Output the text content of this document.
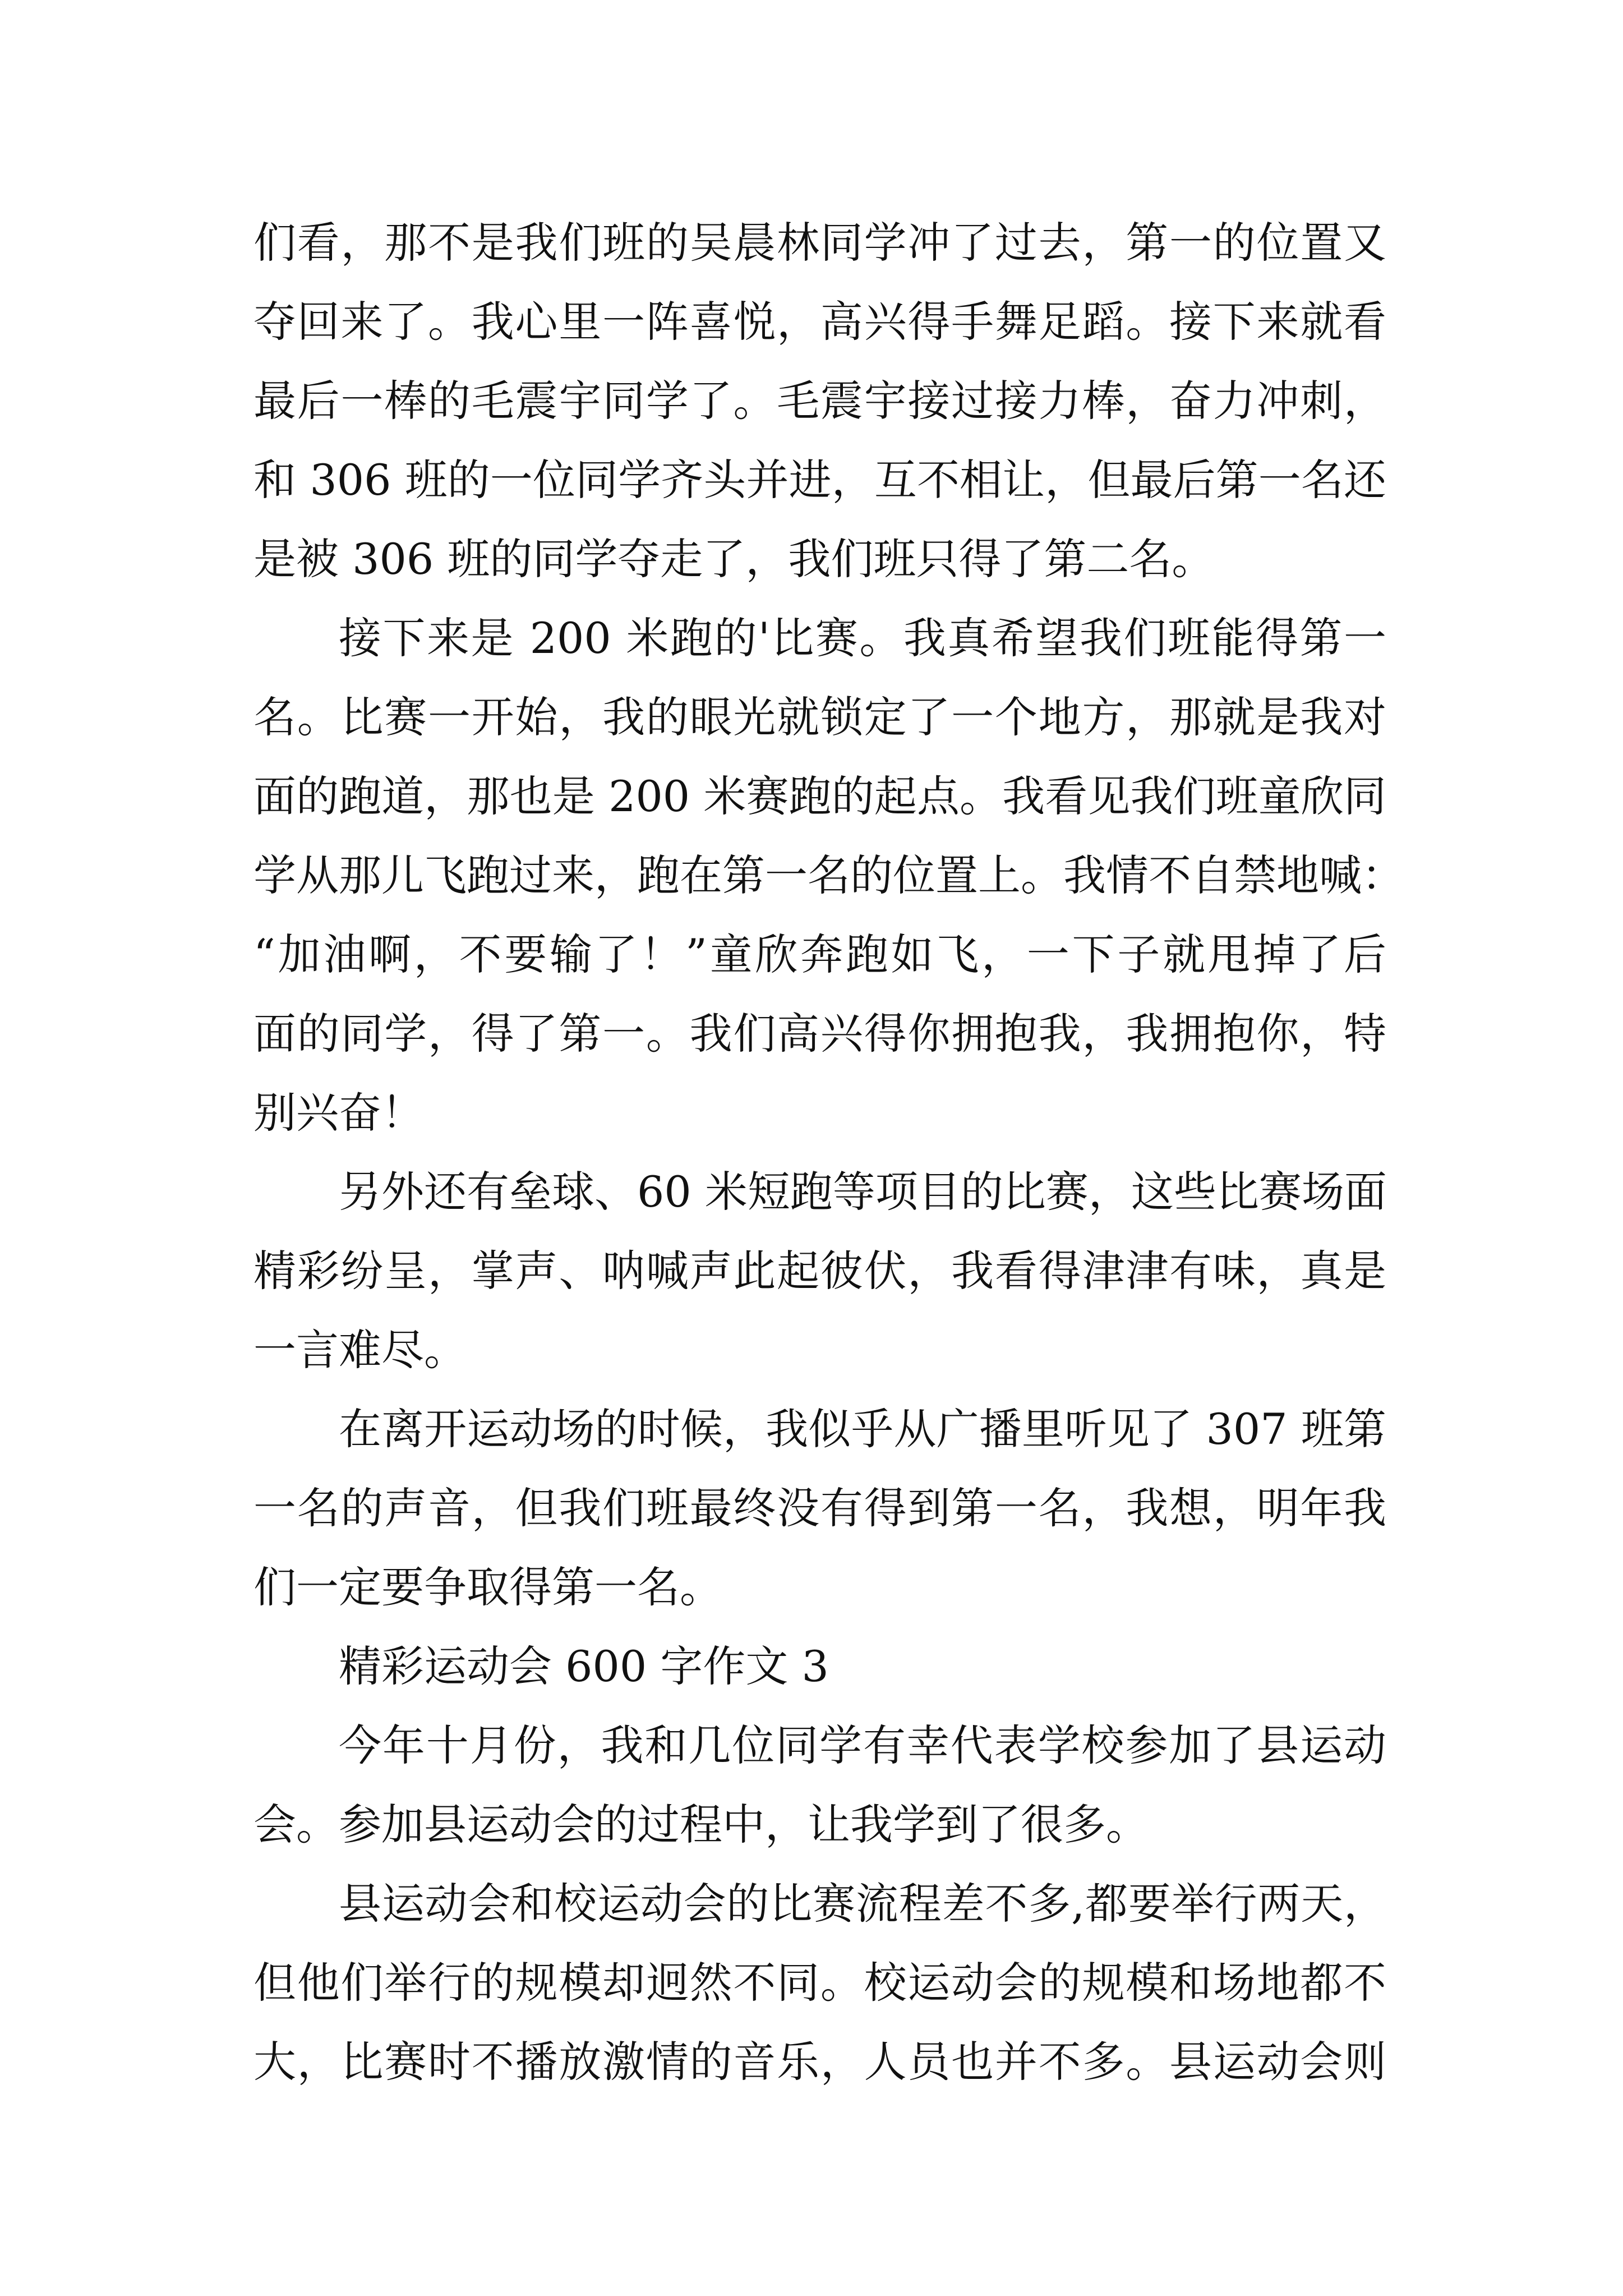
们看，那不是我们班的吴晨林同学冲了过去，第一的位置又
夺回来了。我心里一阵喜悦，高兴得手舞足蹈。接下来就看
最后一棒的毛震宇同学了。毛震宇接过接力棒，奋力冲刺，
和 306 班的一位同学齐头并进，互不相让，但最后第一名还
是被 306 班的同学夺走了，我们班只得了第二名。
接下来是 200 米跑的'比赛。我真希望我们班能得第一
名。比赛一开始，我的眼光就锁定了一个地方，那就是我对
面的跑道，那也是 200 米赛跑的起点。我看见我们班童欣同
学从那儿飞跑过来，跑在第一名的位置上。我情不自禁地喊：
“加油啊，不要输了！”童欣奔跑如飞，一下子就甩掉了后
面的同学，得了第一。我们高兴得你拥抱我，我拥抱你，特
别兴奋！
另外还有垒球、60 米短跑等项目的比赛，这些比赛场面
精彩纷呈，掌声、呐喊声此起彼伏，我看得津津有味，真是
一言难尽。
在离开运动场的时候，我似乎从广播里听见了 307 班第
一名的声音，但我们班最终没有得到第一名，我想，明年我
们一定要争取得第一名。
精彩运动会 600 字作文 3
今年十月份，我和几位同学有幸代表学校参加了县运动
会。参加县运动会的过程中，让我学到了很多。
县运动会和校运动会的比赛流程差不多,都要举行两天，
但他们举行的规模却迥然不同。校运动会的规模和场地都不
大，比赛时不播放激情的音乐，人员也并不多。县运动会则
